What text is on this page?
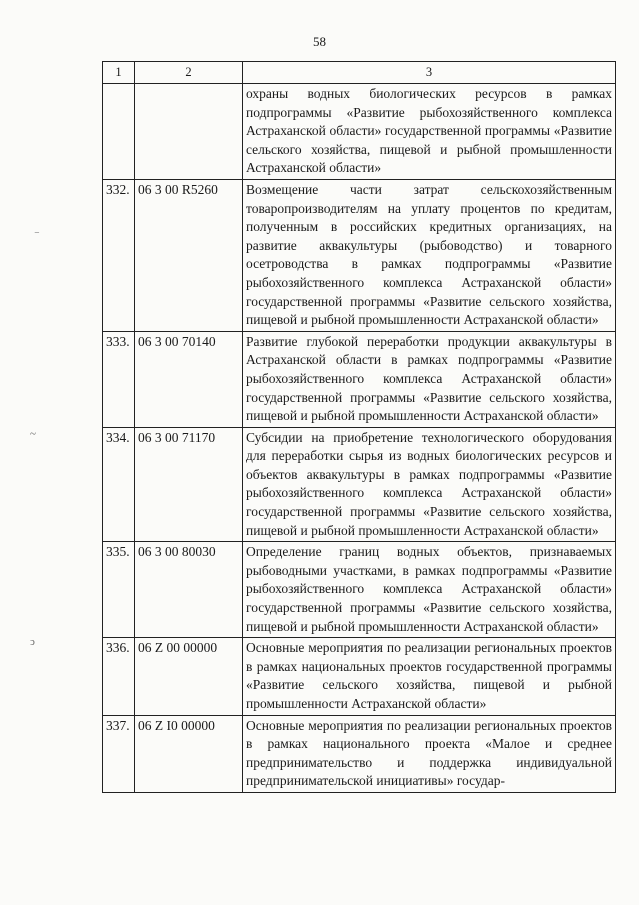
58
⁻
~
ↄ
1	2	3
		охраны водных биологических ресурсов в рамках подпрограммы «Развитие рыбохозяйственного комплекса Астраханской области» государственной программы «Развитие сельского хозяйства, пищевой и рыбной промышленности Астраханской области»
332.	06 3 00 R5260	Возмещение части затрат сельскохозяйственным товаропроизводителям на уплату процентов по кредитам, полученным в российских кредитных организациях, на развитие аквакультуры (рыбоводство) и товарного осетроводства в рамках подпрограммы «Развитие рыбохозяйственного комплекса Астраханской области» государственной программы «Развитие сельского хозяйства, пищевой и рыбной промышленности Астраханской области»
333.	06 3 00 70140	Развитие глубокой переработки продукции аквакультуры в Астраханской области в рамках подпрограммы «Развитие рыбохозяйственного комплекса Астраханской области» государственной программы «Развитие сельского хозяйства, пищевой и рыбной промышленности Астраханской области»
334.	06 3 00 71170	Субсидии на приобретение технологического оборудования для переработки сырья из водных биологических ресурсов и объектов аквакультуры в рамках подпрограммы «Развитие рыбохозяйственного комплекса Астраханской области» государственной программы «Развитие сельского хозяйства, пищевой и рыбной промышленности Астраханской области»
335.	06 3 00 80030	Определение границ водных объектов, признаваемых рыбоводными участками, в рамках подпрограммы «Развитие рыбохозяйственного комплекса Астраханской области» государственной программы «Развитие сельского хозяйства, пищевой и рыбной промышленности Астраханской области»
336.	06 Z 00 00000	Основные мероприятия по реализации региональных проектов в рамках национальных проектов государственной программы «Развитие сельского хозяйства, пищевой и рыбной промышленности Астраханской области»
337.	06 Z I0 00000	Основные мероприятия по реализации региональных проектов в рамках национального проекта «Малое и среднее предпринимательство и поддержка индивидуальной предпринимательской инициативы» государ-
